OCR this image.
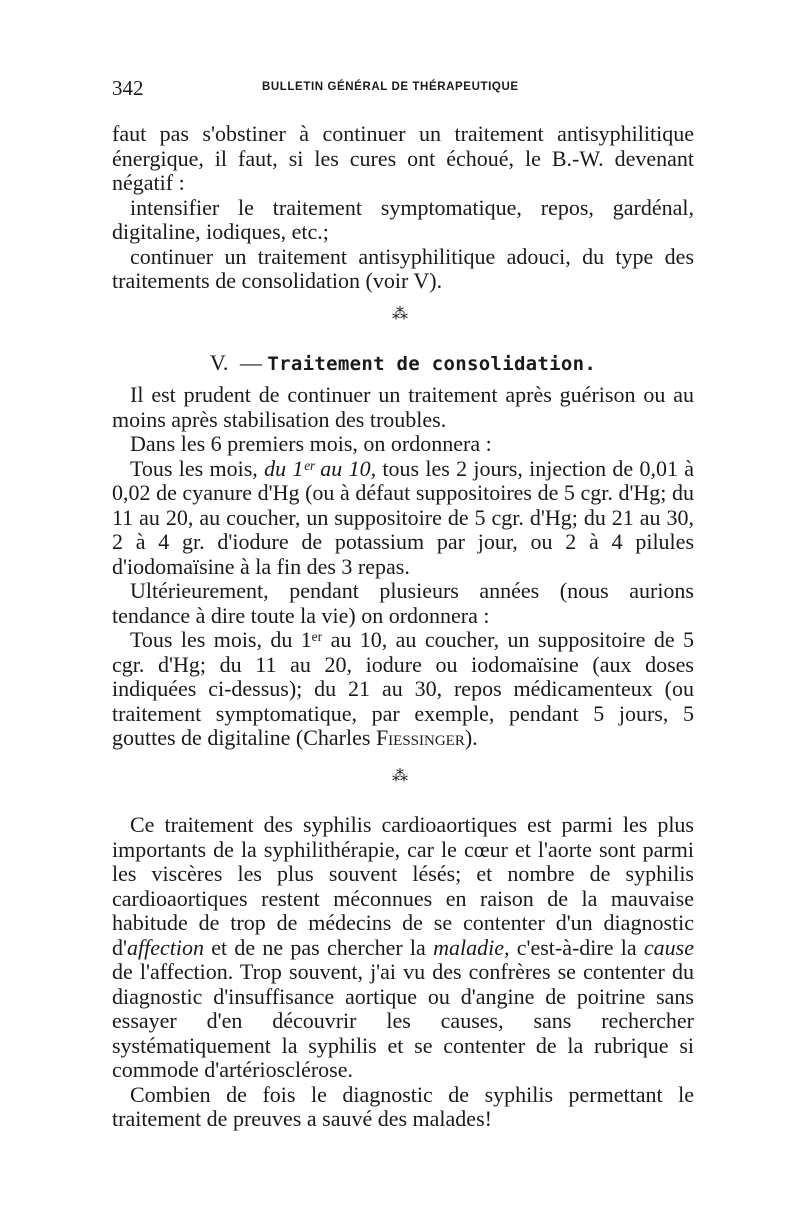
342	BULLETIN GÉNÉRAL DE THÉRAPEUTIQUE

faut pas s'obstiner à continuer un traitement antisyphilitique énergique, il faut, si les cures ont échoué, le B.-W. devenant négatif :

intensifier le traitement symptomatique, repos, gardénal, digitaline, iodiques, etc.;

continuer un traitement antisyphilitique adouci, du type des traitements de consolidation (voir V).

⁂
V. — Traitement de consolidation.

Il est prudent de continuer un traitement après guérison ou au moins après stabilisation des troubles.

Dans les 6 premiers mois, on ordonnera :

Tous les mois, du 1ᵉʳ au 10, tous les 2 jours, injection de 0,01 à 0,02 de cyanure d'Hg (ou à défaut suppositoires de 5 cgr. d'Hg; du 11 au 20, au coucher, un suppositoire de 5 cgr. d'Hg; du 21 au 30, 2 à 4 gr. d'iodure de potassium par jour, ou 2 à 4 pilules d'iodomaïsine à la fin des 3 repas.

Ultérieurement, pendant plusieurs années (nous aurions tendance à dire toute la vie) on ordonnera :

Tous les mois, du 1ᵉʳ au 10, au coucher, un suppositoire de 5 cgr. d'Hg; du 11 au 20, iodure ou iodomaïsine (aux doses indiquées ci-dessus); du 21 au 30, repos médicamenteux (ou traitement symptomatique, par exemple, pendant 5 jours, 5 gouttes de digitaline (Charles Fiessinger).

⁂

Ce traitement des syphilis cardioaortiques est parmi les plus importants de la syphilithérapie, car le cœur et l'aorte sont parmi les viscères les plus souvent lésés; et nombre de syphilis cardioaortiques restent méconnues en raison de la mauvaise habitude de trop de médecins de se contenter d'un diagnostic d'affection et de ne pas chercher la maladie, c'est-à-dire la cause de l'affection. Trop souvent, j'ai vu des confrères se contenter du diagnostic d'insuffisance aortique ou d'angine de poitrine sans essayer d'en découvrir les causes, sans rechercher systématiquement la syphilis et se contenter de la rubrique si commode d'artériosclérose.

Combien de fois le diagnostic de syphilis permettant le traitement de preuves a sauvé des malades!
